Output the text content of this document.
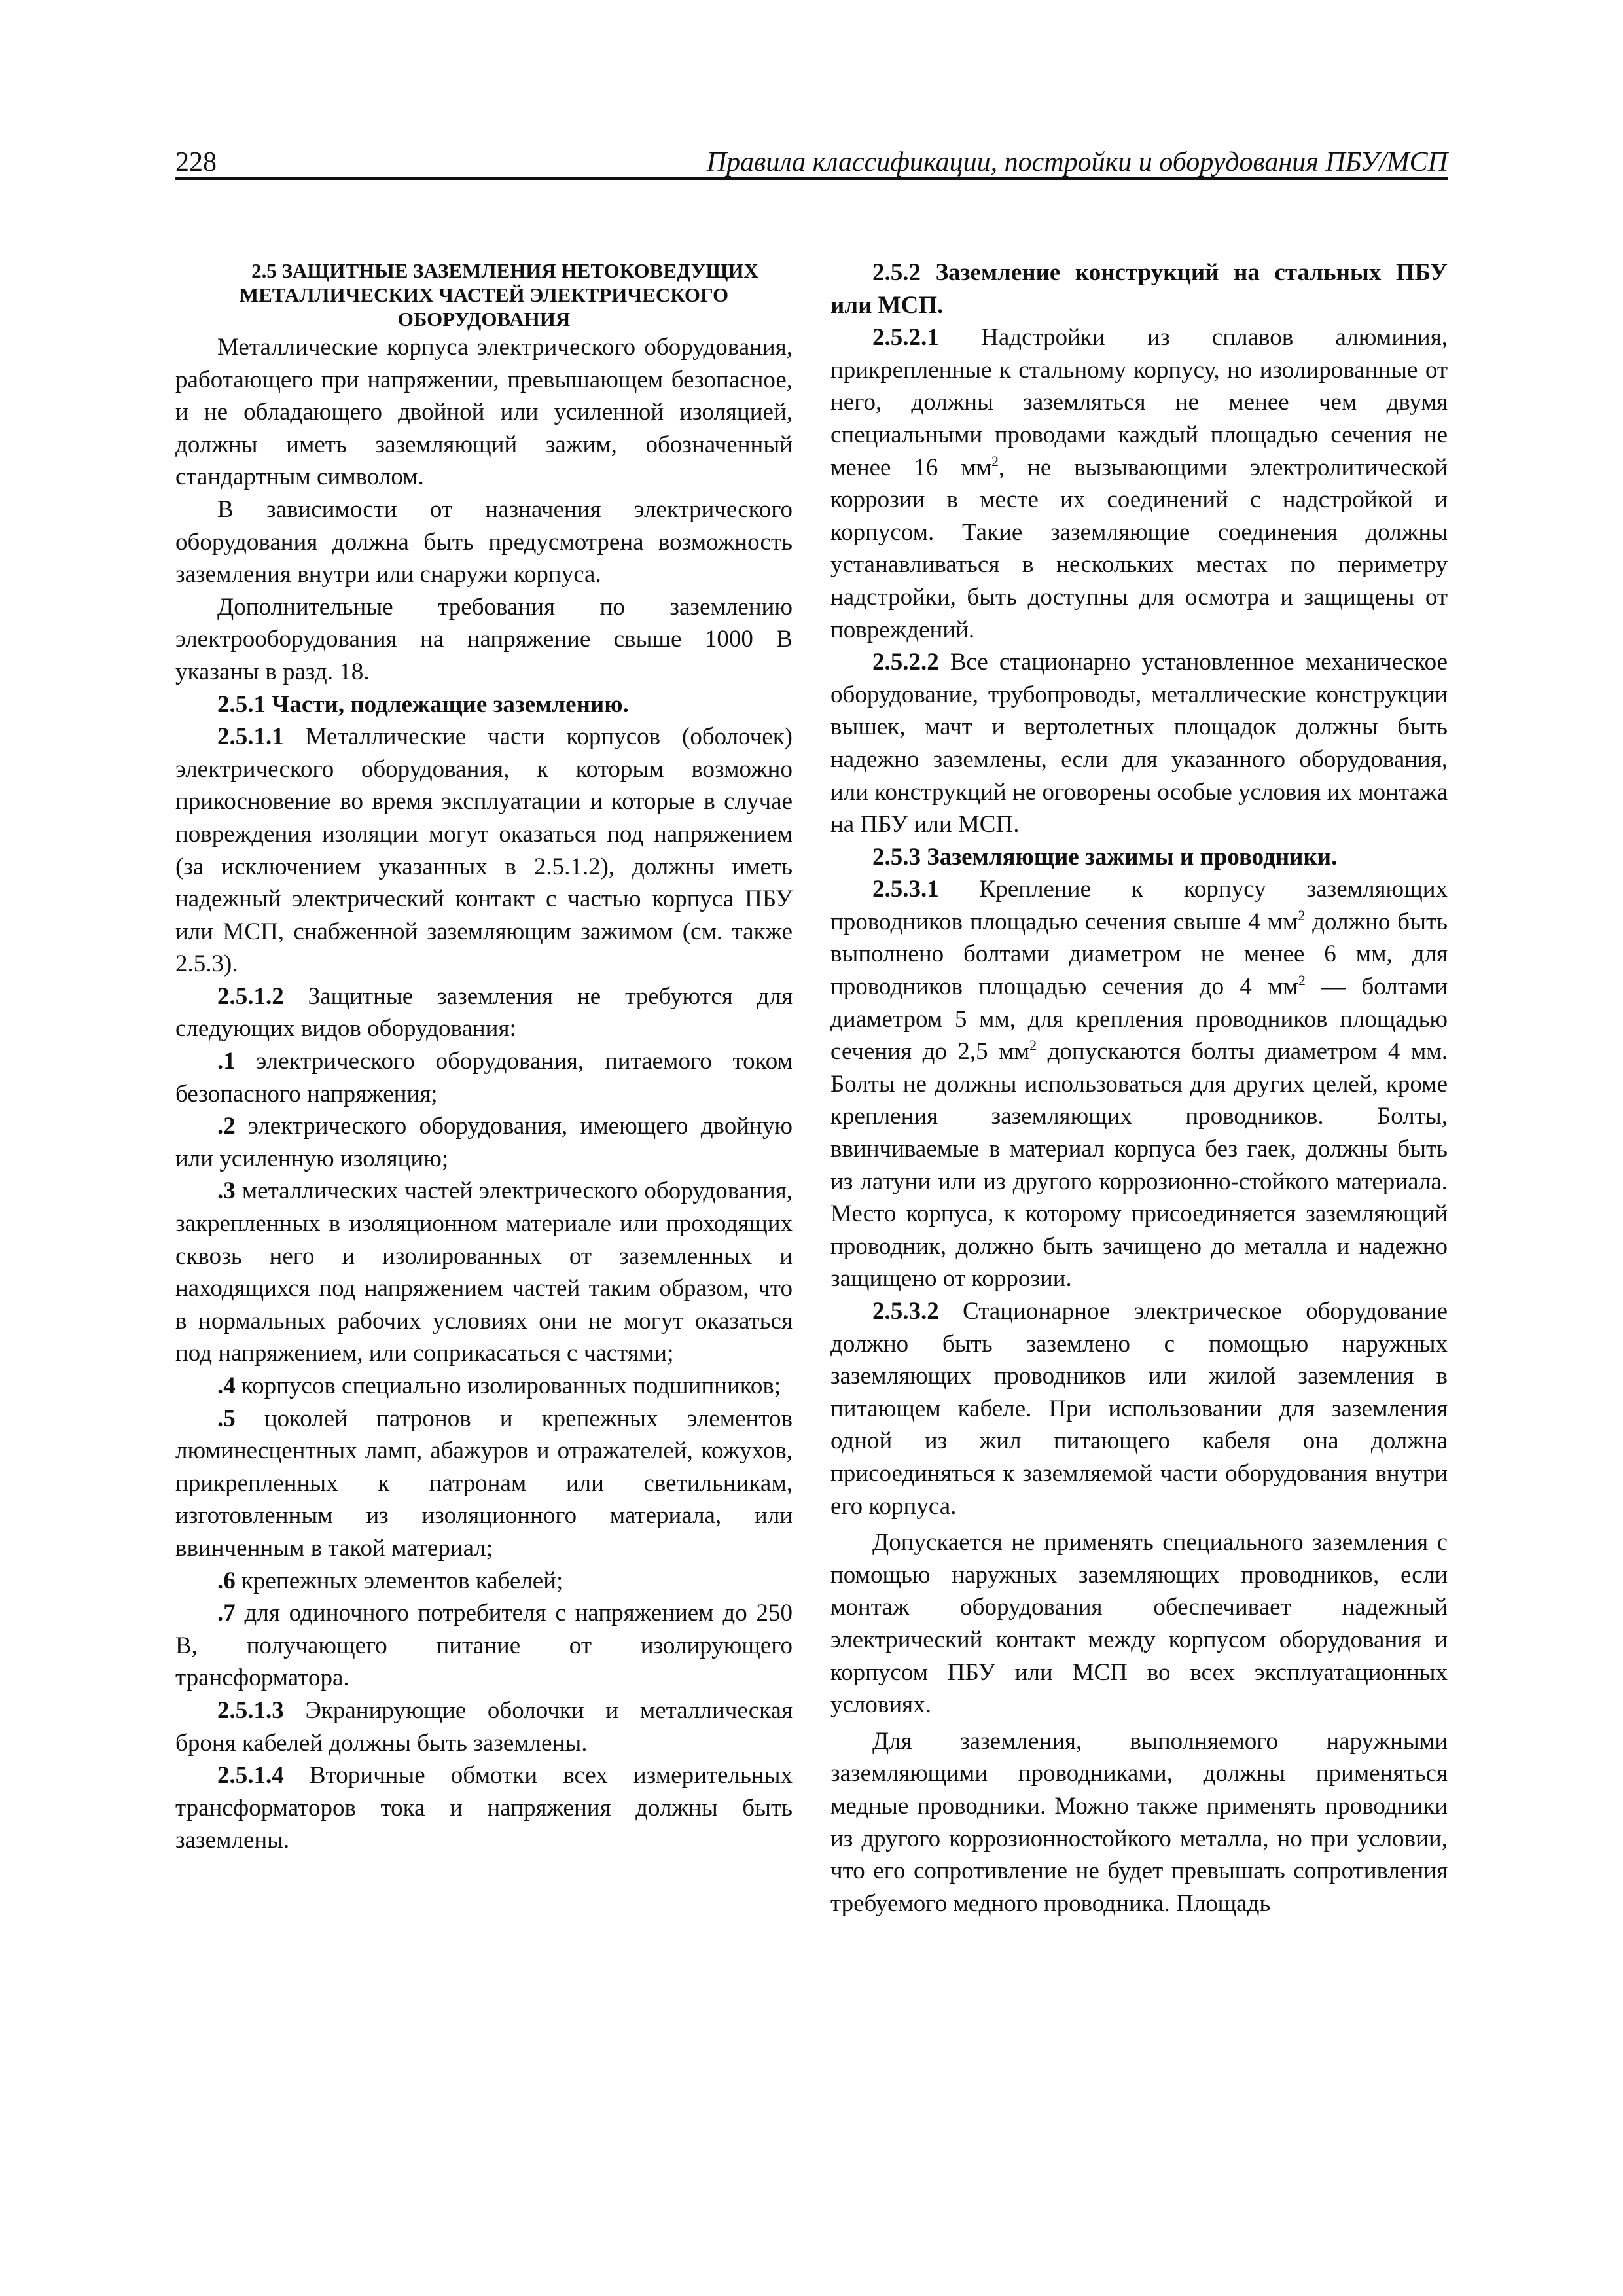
228	Правила классификации, постройки и оборудования ПБУ/МСП

2.5 ЗАЩИТНЫЕ ЗАЗЕМЛЕНИЯ НЕТОКОВЕДУЩИХ МЕТАЛЛИЧЕСКИХ ЧАСТЕЙ ЭЛЕКТРИЧЕСКОГО ОБОРУДОВАНИЯ

Металлические корпуса электрического оборудования, работающего при напряжении, превышающем безопасное, и не обладающего двойной или усиленной изоляцией, должны иметь заземляющий зажим, обозначенный стандартным символом.

В зависимости от назначения электрического оборудования должна быть предусмотрена возможность заземления внутри или снаружи корпуса.

Дополнительные требования по заземлению электрооборудования на напряжение свыше 1000 В указаны в разд. 18.

2.5.1 Части, подлежащие заземлению.

2.5.1.1 Металлические части корпусов (оболочек) электрического оборудования, к которым возможно прикосновение во время эксплуатации и которые в случае повреждения изоляции могут оказаться под напряжением (за исключением указанных в 2.5.1.2), должны иметь надежный электрический контакт с частью корпуса ПБУ или МСП, снабженной заземляющим зажимом (см. также 2.5.3).

2.5.1.2 Защитные заземления не требуются для следующих видов оборудования:

.1 электрического оборудования, питаемого током безопасного напряжения;

.2 электрического оборудования, имеющего двойную или усиленную изоляцию;

.3 металлических частей электрического оборудования, закрепленных в изоляционном материале или проходящих сквозь него и изолированных от заземленных и находящихся под напряжением частей таким образом, что в нормальных рабочих условиях они не могут оказаться под напряжением, или соприкасаться с частями;

.4 корпусов специально изолированных подшипников;

.5 цоколей патронов и крепежных элементов люминесцентных ламп, абажуров и отражателей, кожухов, прикрепленных к патронам или светильникам, изготовленным из изоляционного материала, или ввинченным в такой материал;

.6 крепежных элементов кабелей;

.7 для одиночного потребителя с напряжением до 250 В, получающего питание от изолирующего трансформатора.

2.5.1.3 Экранирующие оболочки и металлическая броня кабелей должны быть заземлены.

2.5.1.4 Вторичные обмотки всех измерительных трансформаторов тока и напряжения должны быть заземлены.

2.5.2 Заземление конструкций на стальных ПБУ или МСП.

2.5.2.1 Надстройки из сплавов алюминия, прикрепленные к стальному корпусу, но изолированные от него, должны заземляться не менее чем двумя специальными проводами каждый площадью сечения не менее 16 $мм^2$, не вызывающими электролитической коррозии в месте их соединений с надстройкой и корпусом. Такие заземляющие соединения должны устанавливаться в нескольких местах по периметру надстройки, быть доступны для осмотра и защищены от повреждений.

2.5.2.2 Все стационарно установленное механическое оборудование, трубопроводы, металлические конструкции вышек, мачт и вертолетных площадок должны быть надежно заземлены, если для указанного оборудования, или конструкций не оговорены особые условия их монтажа на ПБУ или МСП.

2.5.3 Заземляющие зажимы и проводники.

2.5.3.1 Крепление к корпусу заземляющих проводников площадью сечения свыше 4 $мм^2$ должно быть выполнено болтами диаметром не менее 6 мм, для проводников площадью сечения до 4 $мм^2$ — болтами диаметром 5 мм, для крепления проводников площадью сечения до 2,5 $мм^2$ допускаются болты диаметром 4 мм. Болты не должны использоваться для других целей, кроме крепления заземляющих проводников. Болты, ввинчиваемые в материал корпуса без гаек, должны быть из латуни или из другого коррозионно-стойкого материала. Место корпуса, к которому присоединяется заземляющий проводник, должно быть зачищено до металла и надежно защищено от коррозии.

2.5.3.2 Стационарное электрическое оборудование должно быть заземлено с помощью наружных заземляющих проводников или жилой заземления в питающем кабеле. При использовании для заземления одной из жил питающего кабеля она должна присоединяться к заземляемой части оборудования внутри его корпуса.

Допускается не применять специального заземления с помощью наружных заземляющих проводников, если монтаж оборудования обеспечивает надежный электрический контакт между корпусом оборудования и корпусом ПБУ или МСП во всех эксплуатационных условиях.

Для заземления, выполняемого наружными заземляющими проводниками, должны применяться медные проводники. Можно также применять проводники из другого коррозионностойкого металла, но при условии, что его сопротивление не будет превышать сопротивления требуемого медного проводника. Площадь
